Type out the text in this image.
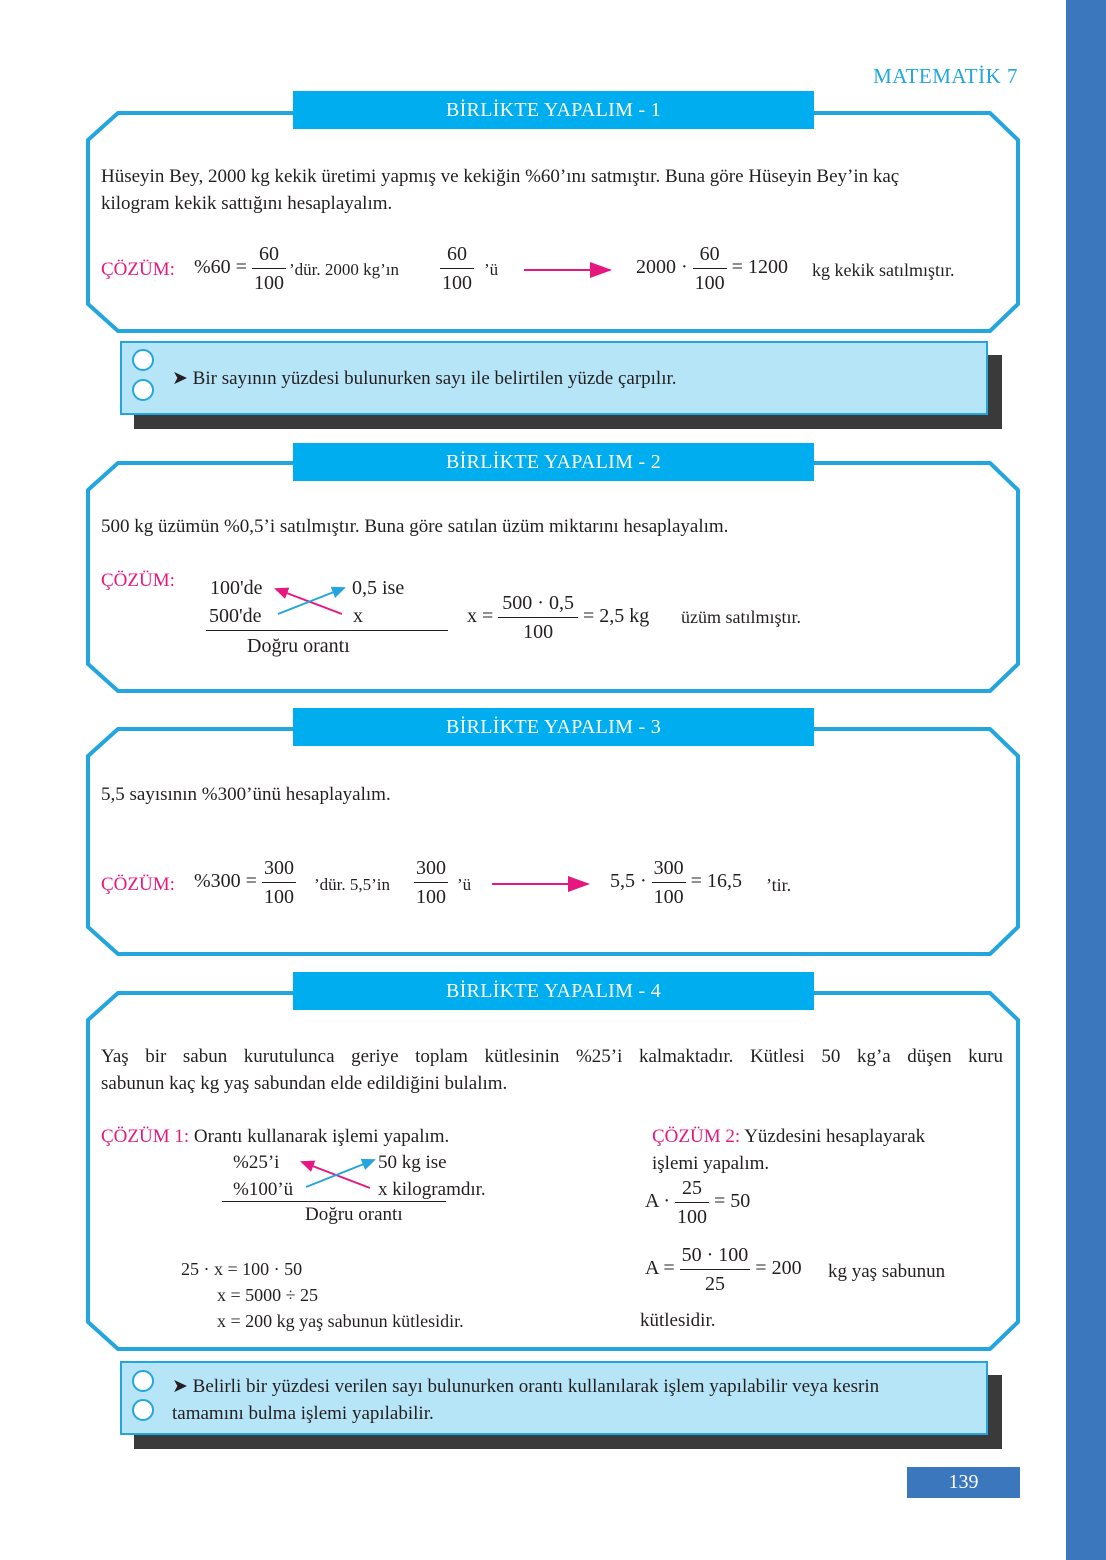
MATEMATİK 7
BİRLİKTE YAPALIM - 1
Hüseyin Bey, 2000 kg kekik üretimi yapmış ve kekiğin %60’ını satmıştır. Buna göre Hüseyin Bey’in kaç
kilogram kekik sattığını hesaplayalım.
ÇÖZÜM: $\%60 = \frac{60}{100}$ ’dür. 2000 kg’ın $\frac{60}{100}$ ’ü	$2000 \cdot \frac{60}{100} = 1200$ kg kekik satılmıştır.
➤ Bir sayının yüzdesi bulunurken sayı ile belirtilen yüzde çarpılır.
BİRLİKTE YAPALIM - 2
500 kg üzümün %0,5’i satılmıştır. Buna göre satılan üzüm miktarını hesaplayalım.
ÇÖZÜM: 100'de	0,5 ise
500'de	x
Doğru orantı
$x = \frac{500 \cdot 0,5}{100} = 2,5$ kg üzüm satılmıştır.
BİRLİKTE YAPALIM - 3
5,5 sayısının %300’ünü hesaplayalım.
ÇÖZÜM: $\%300 = \frac{300}{100}$ ’dür. 5,5’in $\frac{300}{100}$ ’ü	$5,5 \cdot \frac{300}{100} = 16,5$ ’tir.
BİRLİKTE YAPALIM - 4
Yaş bir sabun kurutulunca geriye toplam kütlesinin %25’i kalmaktadır. Kütlesi 50 kg’a düşen kuru
sabunun kaç kg yaş sabundan elde edildiğini bulalım.
ÇÖZÜM 1: Orantı kullanarak işlemi yapalım.
%25’i	50 kg ise
%100’ü	x kilogramdır.
Doğru orantı
25 · x = 100 · 50
x = 5000 ÷ 25
x = 200 kg yaş sabunun kütlesidir.
ÇÖZÜM 2: Yüzdesini hesaplayarak
işlemi yapalım.
$A \cdot \frac{25}{100} = 50$
$A = \frac{50 \cdot 100}{25} = 200$ kg yaş sabunun
kütlesidir.
➤ Belirli bir yüzdesi verilen sayı bulunurken orantı kullanılarak işlem yapılabilir veya kesrin
tamamını bulma işlemi yapılabilir.
139
